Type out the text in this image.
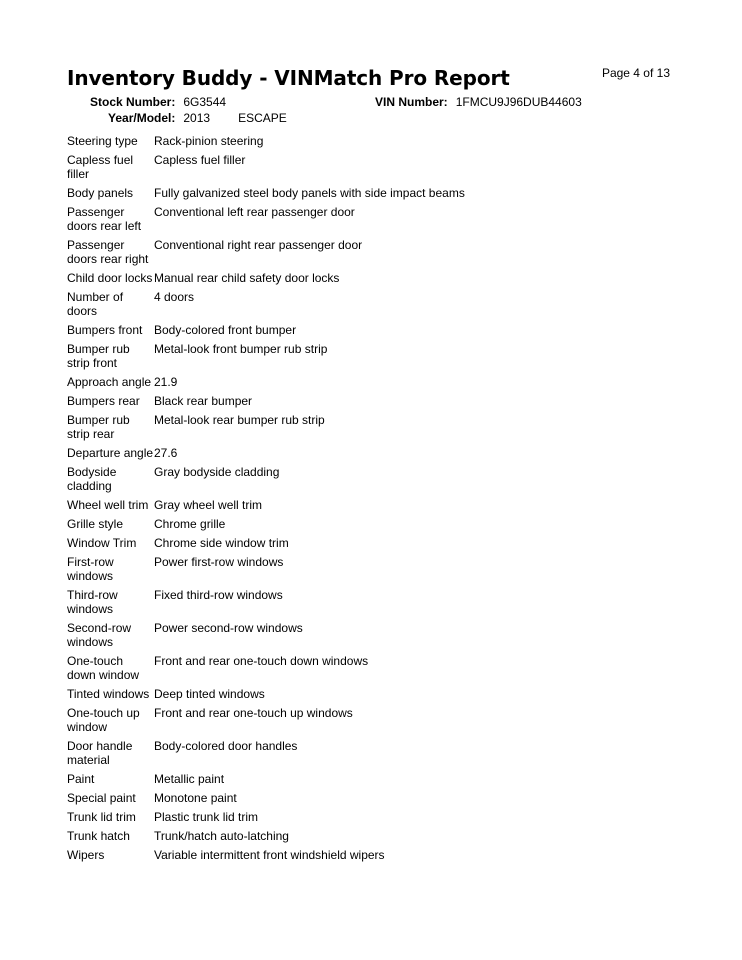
Page 4 of 13
Inventory Buddy - VINMatch Pro Report
Stock Number: 6G3544	VIN Number: 1FMCU9J96DUB44603
Year/Model: 2013 ESCAPE
Steering type	Rack-pinion steering
Capless fuel filler	Capless fuel filler
Body panels	Fully galvanized steel body panels with side impact beams
Passenger doors rear left	Conventional left rear passenger door
Passenger doors rear right	Conventional right rear passenger door
Child door locks	Manual rear child safety door locks
Number of doors	4 doors
Bumpers front	Body-colored front bumper
Bumper rub strip front	Metal-look front bumper rub strip
Approach angle	21.9
Bumpers rear	Black rear bumper
Bumper rub strip rear	Metal-look rear bumper rub strip
Departure angle	27.6
Bodyside cladding	Gray bodyside cladding
Wheel well trim	Gray wheel well trim
Grille style	Chrome grille
Window Trim	Chrome side window trim
First-row windows	Power first-row windows
Third-row windows	Fixed third-row windows
Second-row windows	Power second-row windows
One-touch down window	Front and rear one-touch down windows
Tinted windows	Deep tinted windows
One-touch up window	Front and rear one-touch up windows
Door handle material	Body-colored door handles
Paint	Metallic paint
Special paint	Monotone paint
Trunk lid trim	Plastic trunk lid trim
Trunk hatch	Trunk/hatch auto-latching
Wipers	Variable intermittent front windshield wipers
